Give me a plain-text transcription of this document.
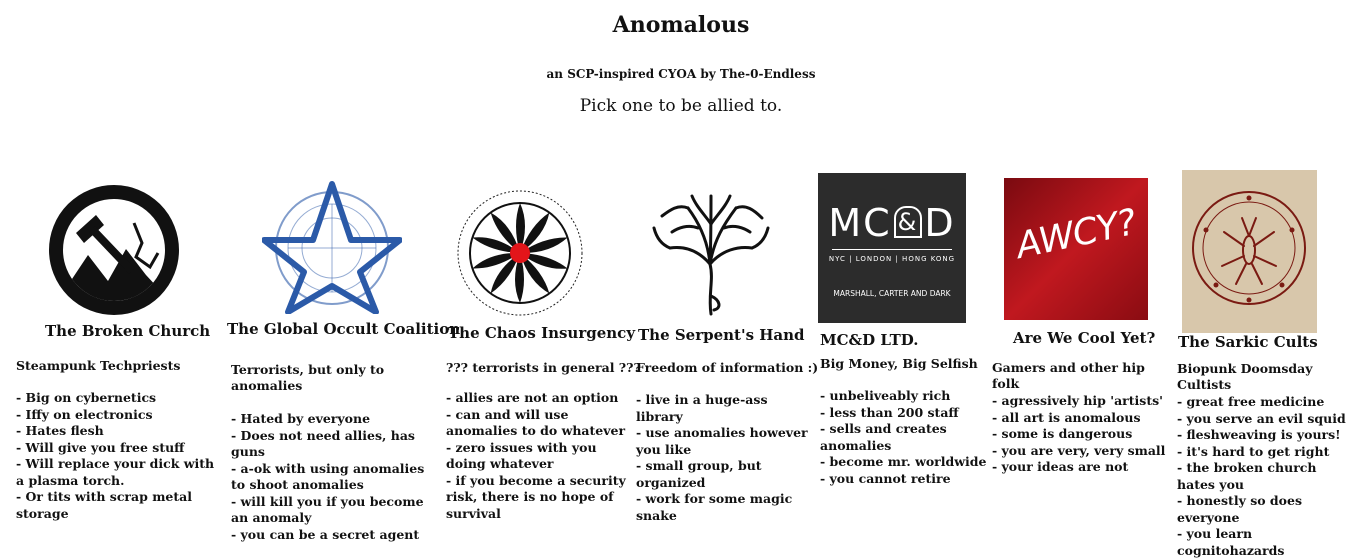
Anomalous
an SCP-inspired CYOA by The-0-Endless
Pick one to be allied to.
The Broken Church
Steampunk Techpriests
- Big on cybernetics
- Iffy on electronics
- Hates flesh
- Will give you free stuff
- Will replace your dick with a plasma torch.
- Or tits with scrap metal storage
The Global Occult Coalition
Terrorists, but only to anomalies
- Hated by everyone
- Does not need allies, has guns
- a-ok with using anomalies to shoot anomalies
- will kill you if you become an anomaly
- you can be a secret agent
The Chaos Insurgency
??? terrorists in general ???
- allies are not an option
- can and will use anomalies to do whatever
- zero issues with you doing whatever
- if you become a security risk, there is no hope of survival
The Serpent's Hand
Freedom of information :)
- live in a huge-ass library
- use anomalies however you like
- small group, but organized
- work for some magic snake
MC & D
NYC | LONDON | HONG KONG
MARSHALL, CARTER AND DARK
MC&D LTD.
Big Money, Big Selfish
- unbeliveably rich
- less than 200 staff
- sells and creates anomalies
- become mr. worldwide
- you cannot retire
AWCY?
Are We Cool Yet?
Gamers and other hip folk
- agressively hip 'artists'
- all art is anomalous
- some is dangerous
- you are very, very small
- your ideas are not
The Sarkic Cults
Biopunk Doomsday Cultists
- great free medicine
- you serve an evil squid
- fleshweaving is yours!
- it's hard to get right
- the broken church hates you
- honestly so does everyone
- you learn cognitohazards
